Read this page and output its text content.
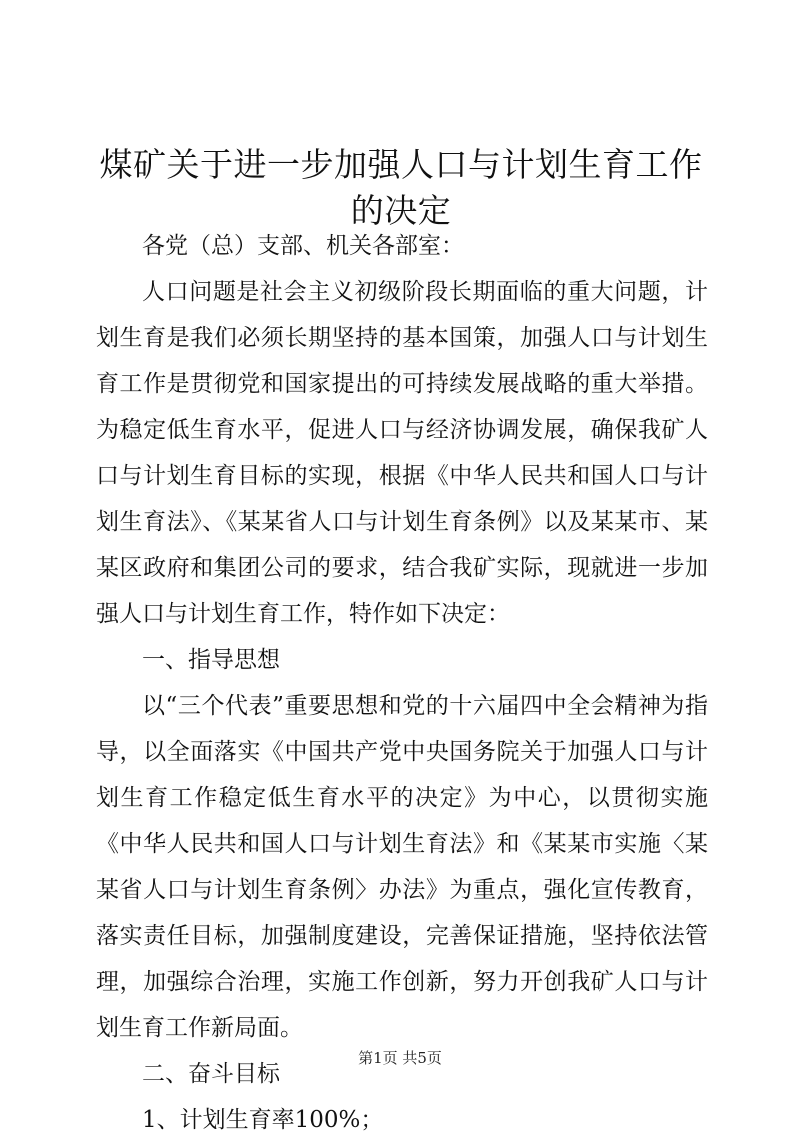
煤矿关于进一步加强人口与计划生育工作的决定

各党（总）支部、机关各部室：

人口问题是社会主义初级阶段长期面临的重大问题，计划生育是我们必须长期坚持的基本国策，加强人口与计划生育工作是贯彻党和国家提出的可持续发展战略的重大举措。为稳定低生育水平，促进人口与经济协调发展，确保我矿人口与计划生育目标的实现，根据《中华人民共和国人口与计划生育法》、《某某省人口与计划生育条例》以及某某市、某某区政府和集团公司的要求，结合我矿实际，现就进一步加强人口与计划生育工作，特作如下决定：

一、指导思想

以“三个代表”重要思想和党的十六届四中全会精神为指导，以全面落实《中国共产党中央国务院关于加强人口与计划生育工作稳定低生育水平的决定》为中心，以贯彻实施《中华人民共和国人口与计划生育法》和《某某市实施〈某某省人口与计划生育条例〉办法》为重点，强化宣传教育，落实责任目标，加强制度建设，完善保证措施，坚持依法管理，加强综合治理，实施工作创新，努力开创我矿人口与计划生育工作新局面。

二、奋斗目标

1、计划生育率100%；

第1页 共5页
